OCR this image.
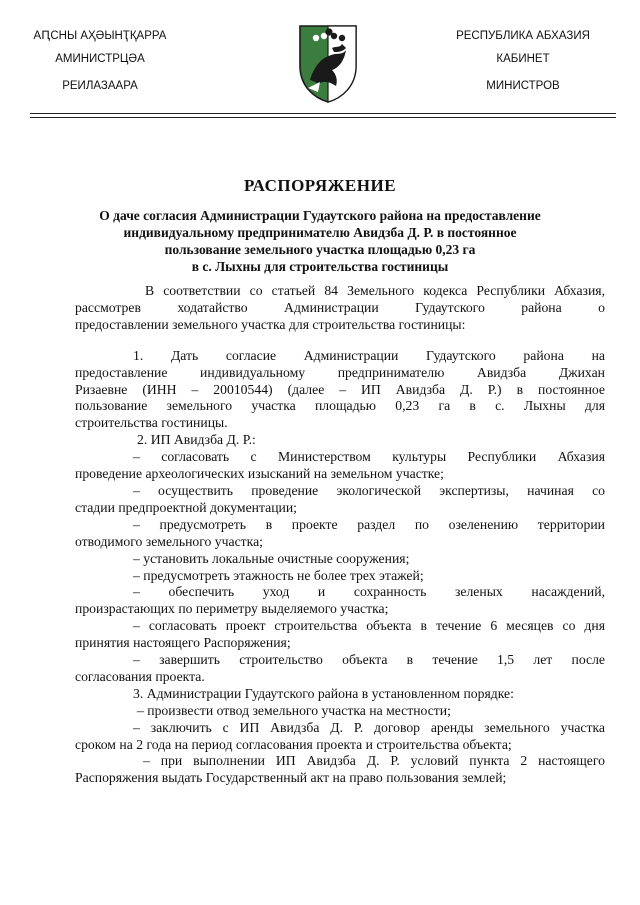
АԤСНЫ АҲӘЫНҬҚАРРА
АМИНИСТРЦӘА
РЕИЛАЗААРА
РЕСПУБЛИКА АБХАЗИЯ
КАБИНЕТ
МИНИСТРОВ
РАСПОРЯЖЕНИЕ
О даче согласия Администрации Гудаутского района на предоставление
индивидуальному предпринимателю Авидзба Д. Р. в постоянное
пользование земельного участка площадью 0,23 га
в с. Лыхны для строительства гостиницы
В соответствии со статьей 84 Земельного кодекса Республики Абхазия,
рассмотрев ходатайство Администрации Гудаутского района о
предоставлении земельного участка для строительства гостиницы:
1. Дать согласие Администрации Гудаутского района на
предоставление индивидуальному предпринимателю Авидзба Джихан
Ризаевне (ИНН – 20010544) (далее – ИП Авидзба Д. Р.) в постоянное
пользование земельного участка площадью 0,23 га в с. Лыхны для
строительства гостиницы.
2. ИП Авидзба Д. Р.:
– согласовать с Министерством культуры Республики Абхазия
проведение археологических изысканий на земельном участке;
– осуществить проведение экологической экспертизы, начиная со
стадии предпроектной документации;
– предусмотреть в проекте раздел по озеленению территории
отводимого земельного участка;
– установить локальные очистные сооружения;
– предусмотреть этажность не более трех этажей;
– обеспечить уход и сохранность зеленых насаждений,
произрастающих по периметру выделяемого участка;
– согласовать проект строительства объекта в течение 6 месяцев со дня
принятия настоящего Распоряжения;
– завершить строительство объекта в течение 1,5 лет после
согласования проекта.
3. Администрации Гудаутского района в установленном порядке:
– произвести отвод земельного участка на местности;
– заключить с ИП Авидзба Д. Р. договор аренды земельного участка
сроком на 2 года на период согласования проекта и строительства объекта;
– при выполнении ИП Авидзба Д. Р. условий пункта 2 настоящего
Распоряжения выдать Государственный акт на право пользования землей;
